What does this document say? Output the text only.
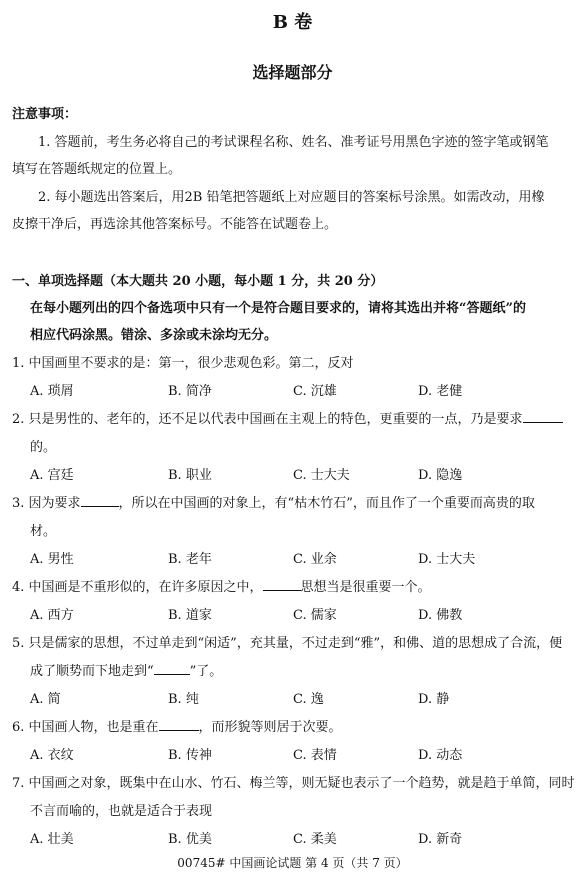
B 卷
选择题部分
注意事项：
1. 答题前，考生务必将自己的考试课程名称、姓名、准考证号用黑色字迹的签字笔或钢笔
填写在答题纸规定的位置上。
2. 每小题选出答案后，用2B 铅笔把答题纸上对应题目的答案标号涂黑。如需改动，用橡
皮擦干净后，再选涂其他答案标号。不能答在试题卷上。
一、单项选择题（本大题共 20 小题，每小题 1 分，共 20 分）
在每小题列出的四个备选项中只有一个是符合题目要求的，请将其选出并将“答题纸”的
相应代码涂黑。错涂、多涂或未涂均无分。
1. 中国画里不要求的是：第一，很少悲观色彩。第二，反对
A. 琐屑	B. 简净	C. 沉雄	D. 老健
2. 只是男性的、老年的，还不足以代表中国画在主观上的特色，更重要的一点，乃是要求
的。
A. 宫廷	B. 职业	C. 士大夫	D. 隐逸
3. 因为要求	，所以在中国画的对象上，有“枯木竹石”，而且作了一个重要而高贵的取
材。
A. 男性	B. 老年	C. 业余	D. 士大夫
4. 中国画是不重形似的，在许多原因之中，	思想当是很重要一个。
A. 西方	B. 道家	C. 儒家	D. 佛教
5. 只是儒家的思想，不过单走到“闲适”，充其量，不过走到“雅”，和佛、道的思想成了合流，便
成了顺势而下地走到“	”了。
A. 简	B. 纯	C. 逸	D. 静
6. 中国画人物，也是重在	，而形貌等则居于次要。
A. 衣纹	B. 传神	C. 表情	D. 动态
7. 中国画之对象，既集中在山水、竹石、梅兰等，则无疑也表示了一个趋势，就是趋于单简，同时
不言而喻的，也就是适合于表现
A. 壮美	B. 优美	C. 柔美	D. 新奇
00745# 中国画论试题 第 4 页（共 7 页）
